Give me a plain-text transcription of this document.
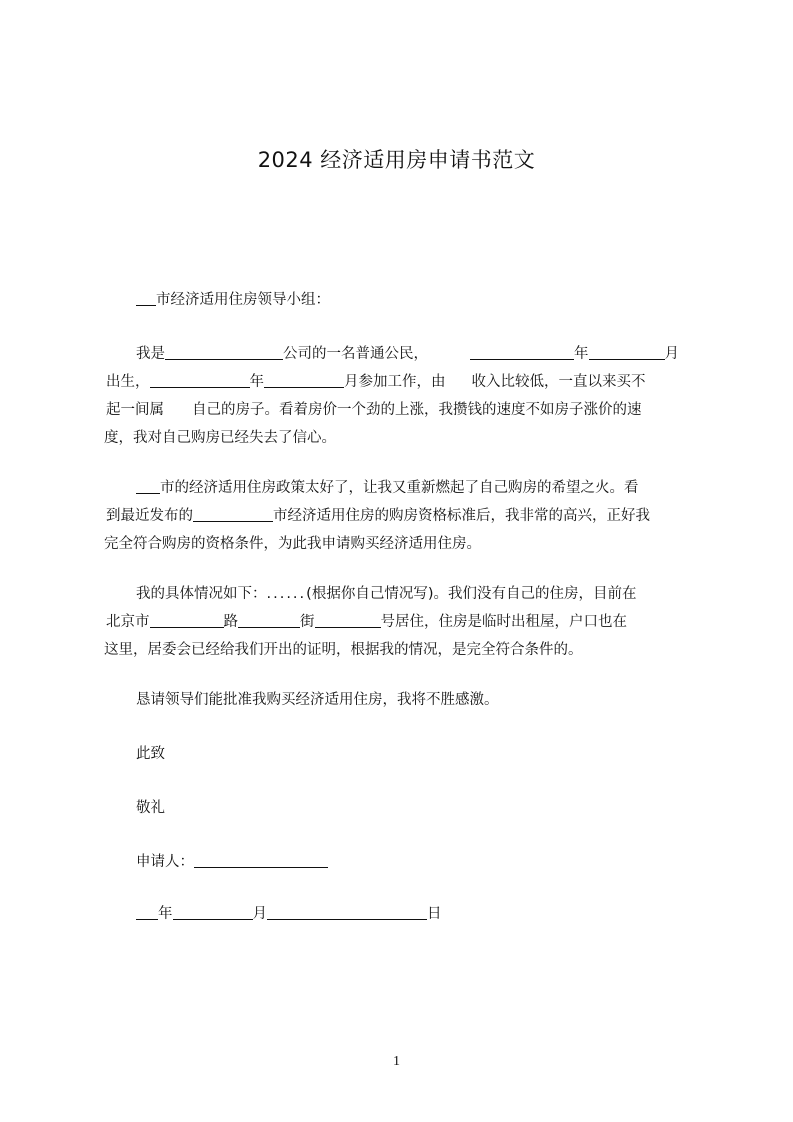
2024 经济适用房申请书范文
市经济适用住房领导小组：
我是	公司的一名普通公民，	年	月
出生，	年	月参加工作，由 收入比较低，一直以来买不
起一间属 自己的房子。看着房价一个劲的上涨，我攒钱的速度不如房子涨价的速
度，我对自己购房已经失去了信心。
市的经济适用住房政策太好了，让我又重新燃起了自己购房的希望之火。看
到最近发布的	市经济适用住房的购房资格标准后，我非常的高兴，正好我
完全符合购房的资格条件，为此我申请购买经济适用住房。
我的具体情况如下：......(根据你自己情况写)。我们没有自己的住房，目前在
北京市	路	街	号居住，住房是临时出租屋，户口也在
这里，居委会已经给我们开出的证明，根据我的情况，是完全符合条件的。
恳请领导们能批准我购买经济适用住房，我将不胜感激。
此致
敬礼
申请人：
年	月	日
1
